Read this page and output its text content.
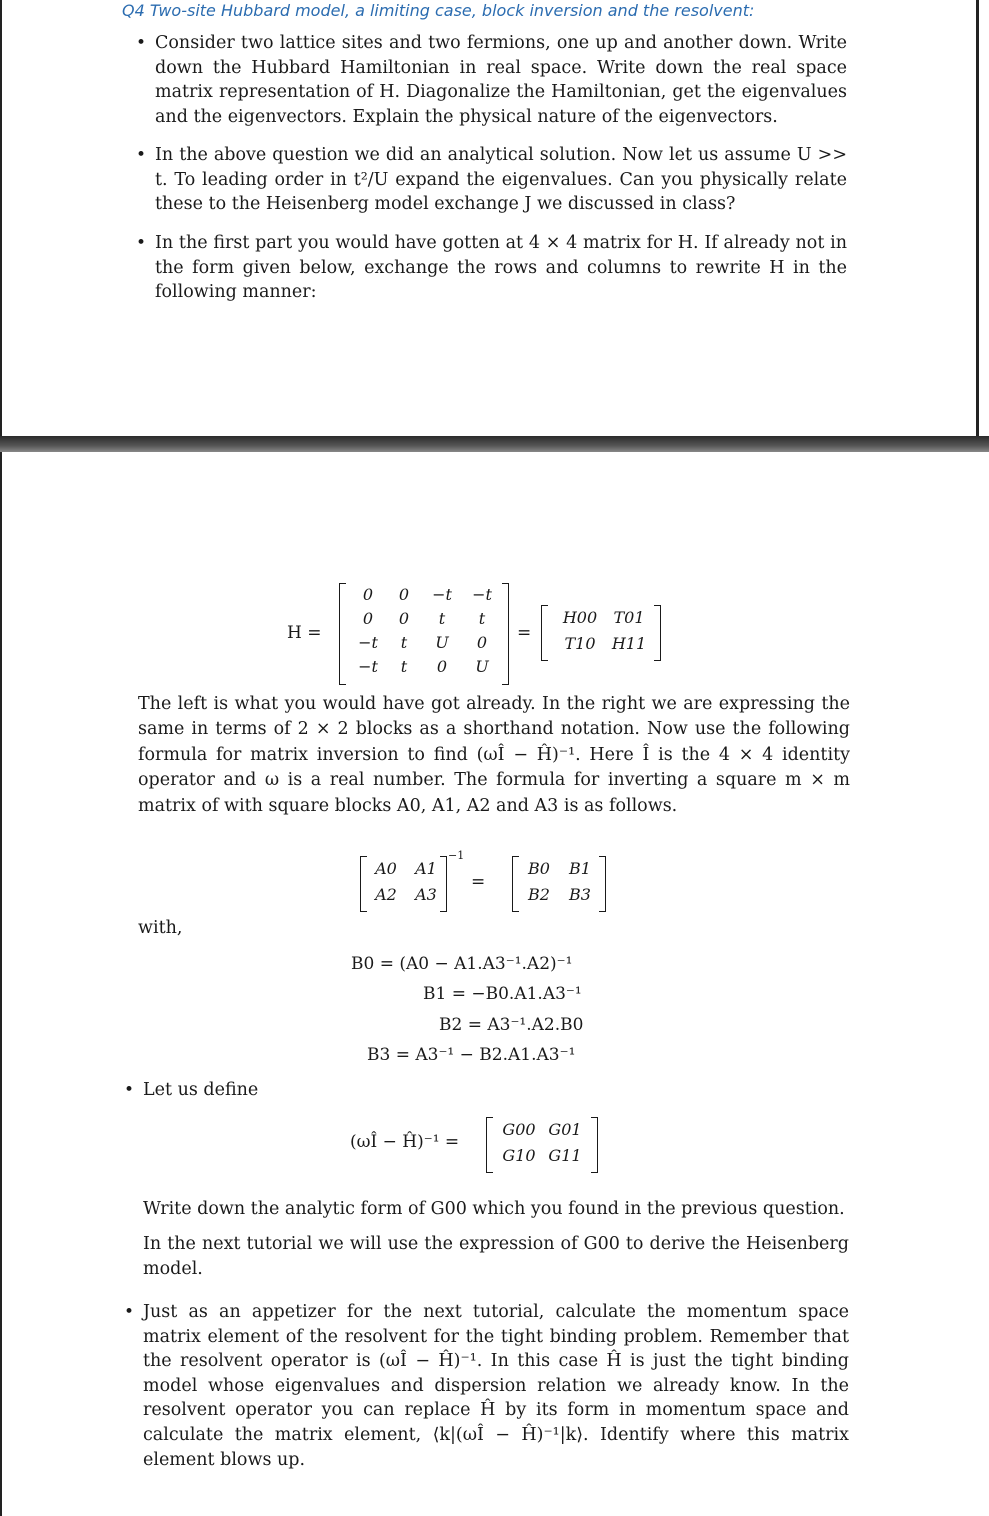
Q4 Two-site Hubbard model, a limiting case, block inversion and the resolvent:
• Consider two lattice sites and two fermions, one up and another down. Write down the Hubbard Hamiltonian in real space. Write down the real space matrix representation of H. Diagonalize the Hamiltonian, get the eigenvalues and the eigenvectors. Explain the physical nature of the eigenvectors.
• In the above question we did an analytical solution. Now let us assume U >> t. To leading order in t²/U expand the eigenvalues. Can you physically relate these to the Heisenberg model exchange J we discussed in class?
• In the first part you would have gotten at 4 × 4 matrix for H. If already not in the form given below, exchange the rows and columns to rewrite H in the following manner:
H =
0	0	−t	−t
0	0	t	t
−t	t	U	0
−t	t	0	U
=
H00	T01
T10	H11
The left is what you would have got already. In the right we are expressing the same in terms of 2 × 2 blocks as a shorthand notation. Now use the following formula for matrix inversion to find (ωÎ − Ĥ)⁻¹. Here Î is the 4 × 4 identity operator and ω is a real number. The formula for inverting a square m × m matrix of with square blocks A0, A1, A2 and A3 is as follows.
A0	A1
A2	A3
−1
=
B0	B1
B2	B3
with,
B0 = (A0 − A1.A3⁻¹.A2)⁻¹
B1 = −B0.A1.A3⁻¹
B2 = A3⁻¹.A2.B0
B3 = A3⁻¹ − B2.A1.A3⁻¹
• Let us define
(ωÎ − Ĥ)⁻¹ =
G00 G01
G10 G11
Write down the analytic form of G00 which you found in the previous question.
In the next tutorial we will use the expression of G00 to derive the Heisenberg model.
• Just as an appetizer for the next tutorial, calculate the momentum space matrix element of the resolvent for the tight binding problem. Remember that the resolvent operator is (ωÎ − Ĥ)⁻¹. In this case Ĥ is just the tight binding model whose eigenvalues and dispersion relation we already know. In the resolvent operator you can replace Ĥ by its form in momentum space and calculate the matrix element, ⟨k|(ωÎ − Ĥ)⁻¹|k⟩. Identify where this matrix element blows up.
